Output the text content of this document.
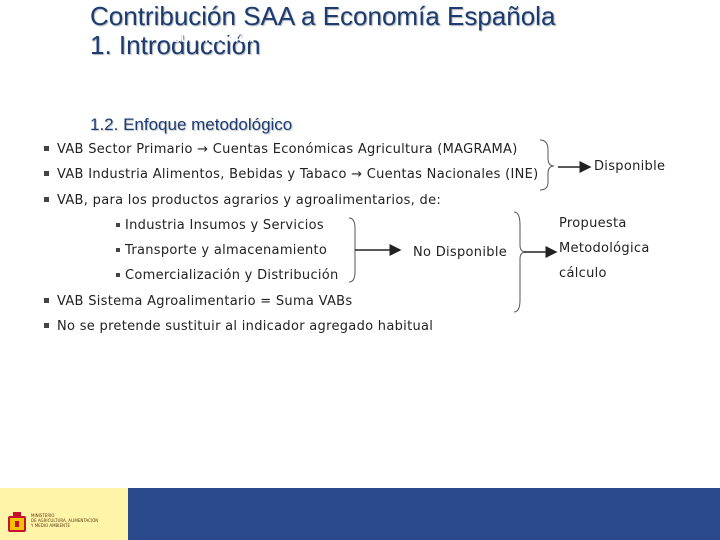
Contribución SAA a Economía Española
1. Introducción
1.2. Enfoque metodológico
VAB Sector Primario → Cuentas Económicas Agricultura (MAGRAMA)
VAB Industria Alimentos, Bebidas y Tabaco → Cuentas Nacionales (INE)
VAB, para los productos agrarios y agroalimentarios, de:
Industria Insumos y Servicios
Transporte y almacenamiento
Comercialización y Distribución
VAB Sistema Agroalimentario = Suma VABs
No se pretende sustituir al indicador agregado habitual
Disponible
No Disponible
Propuesta
Metodológica
cálculo
MINISTERIO
DE AGRICULTURA, ALIMENTACIÓN
Y MEDIO AMBIENTE
Subdirección General de Análisis, Prospectiva y Coordinación	4
